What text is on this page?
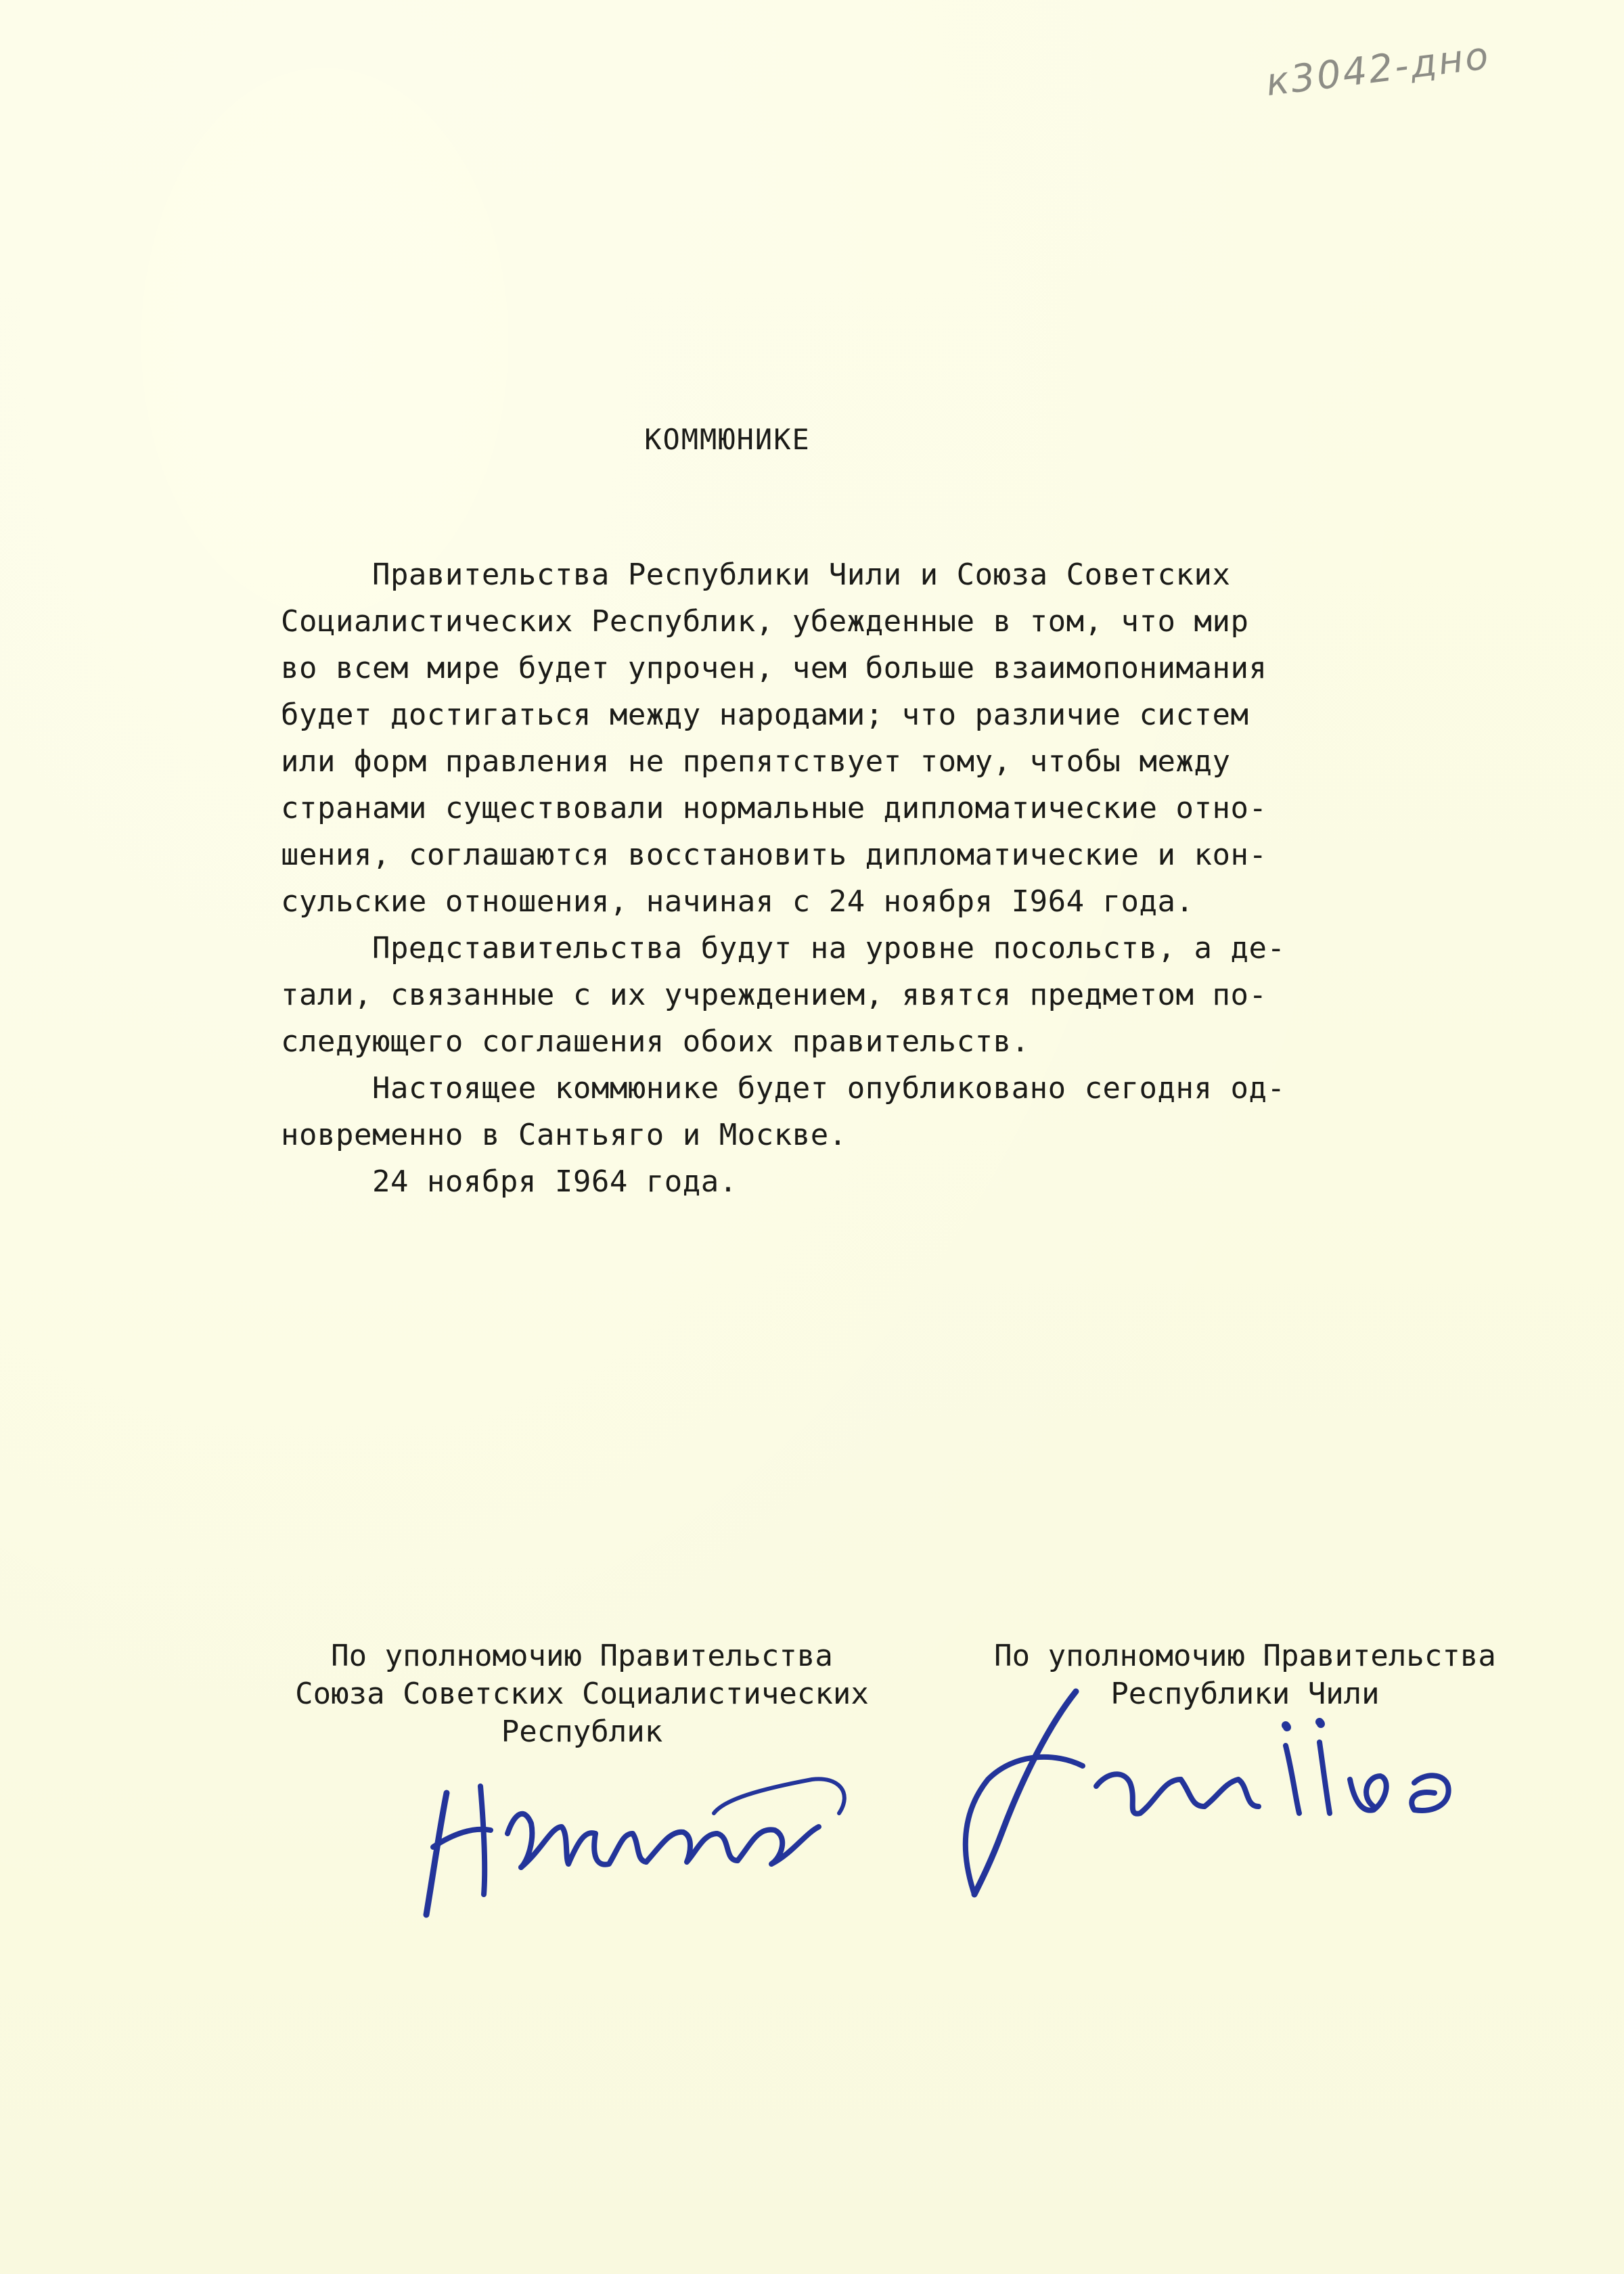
к3042-дно
КОММЮНИКЕ
Правительства Республики Чили и Союза Советских
Социалистических Республик, убежденные в том, что мир
во всем мире будет упрочен, чем больше взаимопонимания
будет достигаться между народами; что различие систем
или форм правления не препятствует тому, чтобы между
странами существовали нормальные дипломатические отно-
шения, соглашаются восстановить дипломатические и кон-
сульские отношения, начиная с 24 ноября I964 года.
Представительства будут на уровне посольств, а де-
тали, связанные с их учреждением, явятся предметом по-
следующего соглашения обоих правительств.
Настоящее коммюнике будет опубликовано сегодня од-
новременно в Сантьяго и Москве.
24 ноября I964 года.
По уполномочию Правительства
Союза Советских Социалистических
Республик
По уполномочию Правительства
Республики Чили
